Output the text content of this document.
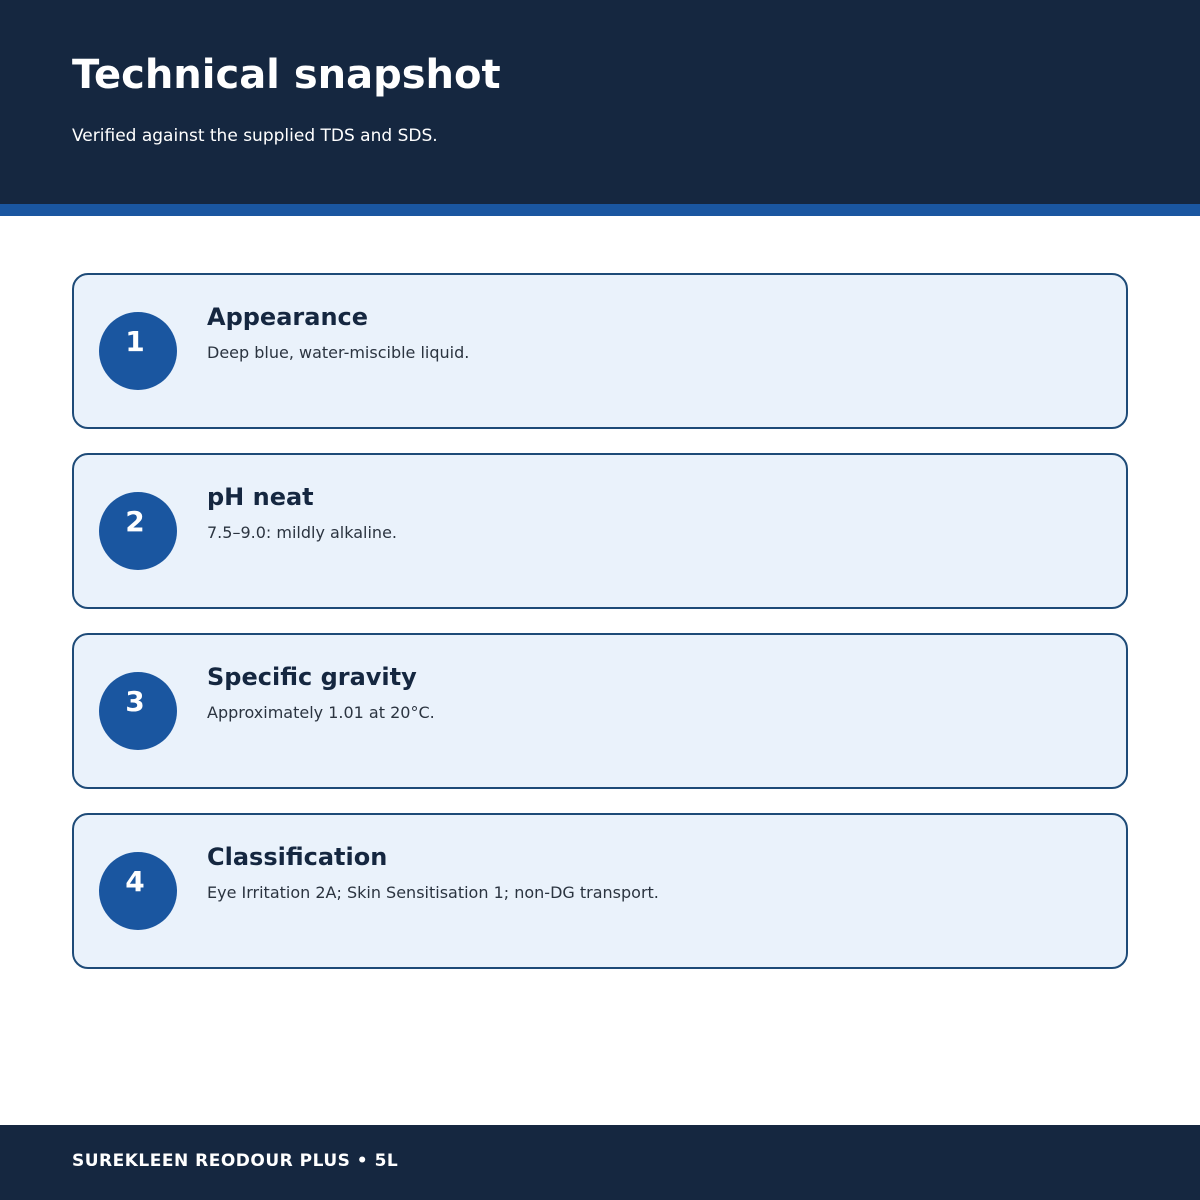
Technical snapshot

Verified against the supplied TDS and SDS.

1
Appearance
Deep blue, water-miscible liquid.
2
pH neat
7.5–9.0: mildly alkaline.
3
Specific gravity
Approximately 1.01 at 20°C.
4
Classification
Eye Irritation 2A; Skin Sensitisation 1; non-DG transport.
SUREKLEEN REODOUR PLUS • 5L
